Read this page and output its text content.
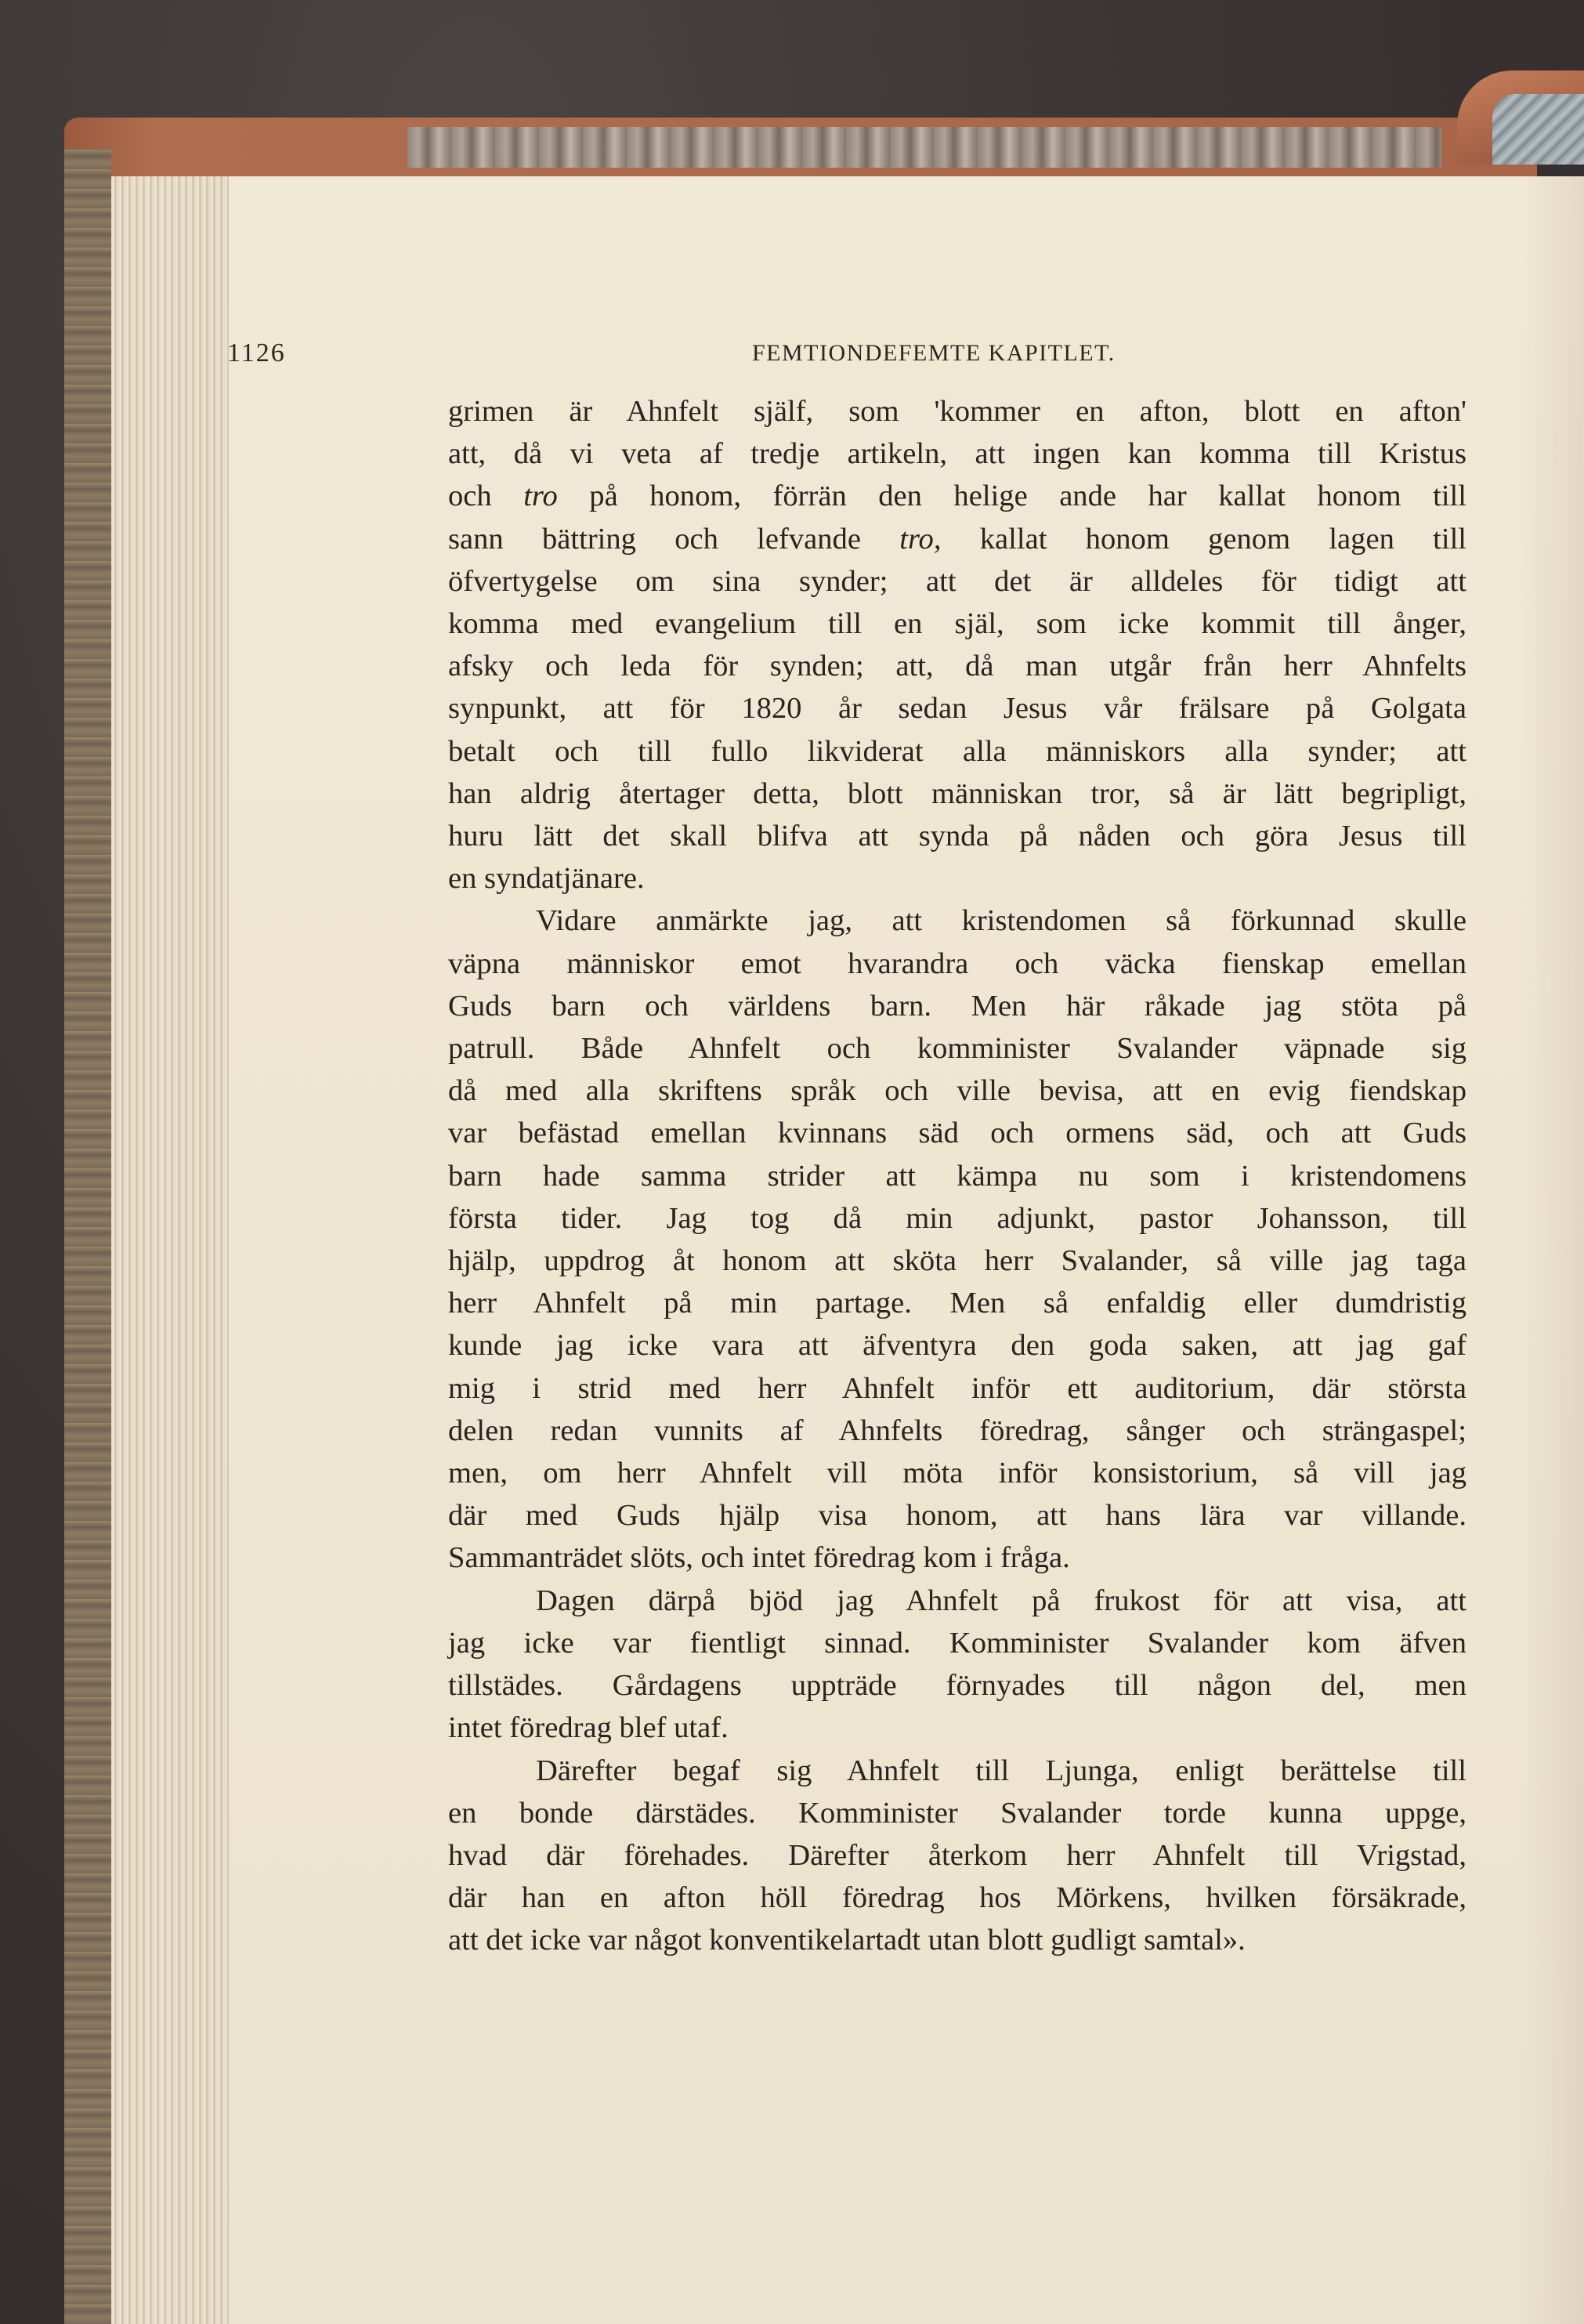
1126	FEMTIONDEFEMTE KAPITLET.
grimen är Ahnfelt själf, som 'kommer en afton, blott en afton'
att, då vi veta af tredje artikeln, att ingen kan komma till Kristus
och tro på honom, förrän den helige ande har kallat honom till
sann bättring och lefvande tro, kallat honom genom lagen till
öfvertygelse om sina synder; att det är alldeles för tidigt att
komma med evangelium till en själ, som icke kommit till ånger,
afsky och leda för synden; att, då man utgår från herr Ahnfelts
synpunkt, att för 1820 år sedan Jesus vår frälsare på Golgata
betalt och till fullo likviderat alla människors alla synder; att
han aldrig återtager detta, blott människan tror, så är lätt begripligt,
huru lätt det skall blifva att synda på nåden och göra Jesus till
en syndatjänare.
Vidare anmärkte jag, att kristendomen så förkunnad skulle
väpna människor emot hvarandra och väcka fienskap emellan
Guds barn och världens barn. Men här råkade jag stöta på
patrull. Både Ahnfelt och komminister Svalander väpnade sig
då med alla skriftens språk och ville bevisa, att en evig fiendskap
var befästad emellan kvinnans säd och ormens säd, och att Guds
barn hade samma strider att kämpa nu som i kristendomens
första tider. Jag tog då min adjunkt, pastor Johansson, till
hjälp, uppdrog åt honom att sköta herr Svalander, så ville jag taga
herr Ahnfelt på min partage. Men så enfaldig eller dumdristig
kunde jag icke vara att äfventyra den goda saken, att jag gaf
mig i strid med herr Ahnfelt inför ett auditorium, där största
delen redan vunnits af Ahnfelts föredrag, sånger och strängaspel;
men, om herr Ahnfelt vill möta inför konsistorium, så vill jag
där med Guds hjälp visa honom, att hans lära var villande.
Sammanträdet slöts, och intet föredrag kom i fråga.
Dagen därpå bjöd jag Ahnfelt på frukost för att visa, att
jag icke var fientligt sinnad. Komminister Svalander kom äfven
tillstädes. Gårdagens uppträde förnyades till någon del, men
intet föredrag blef utaf.
Därefter begaf sig Ahnfelt till Ljunga, enligt berättelse till
en bonde därstädes. Komminister Svalander torde kunna uppge,
hvad där förehades. Därefter återkom herr Ahnfelt till Vrigstad,
där han en afton höll föredrag hos Mörkens, hvilken försäkrade,
att det icke var något konventikelartadt utan blott gudligt samtal».
